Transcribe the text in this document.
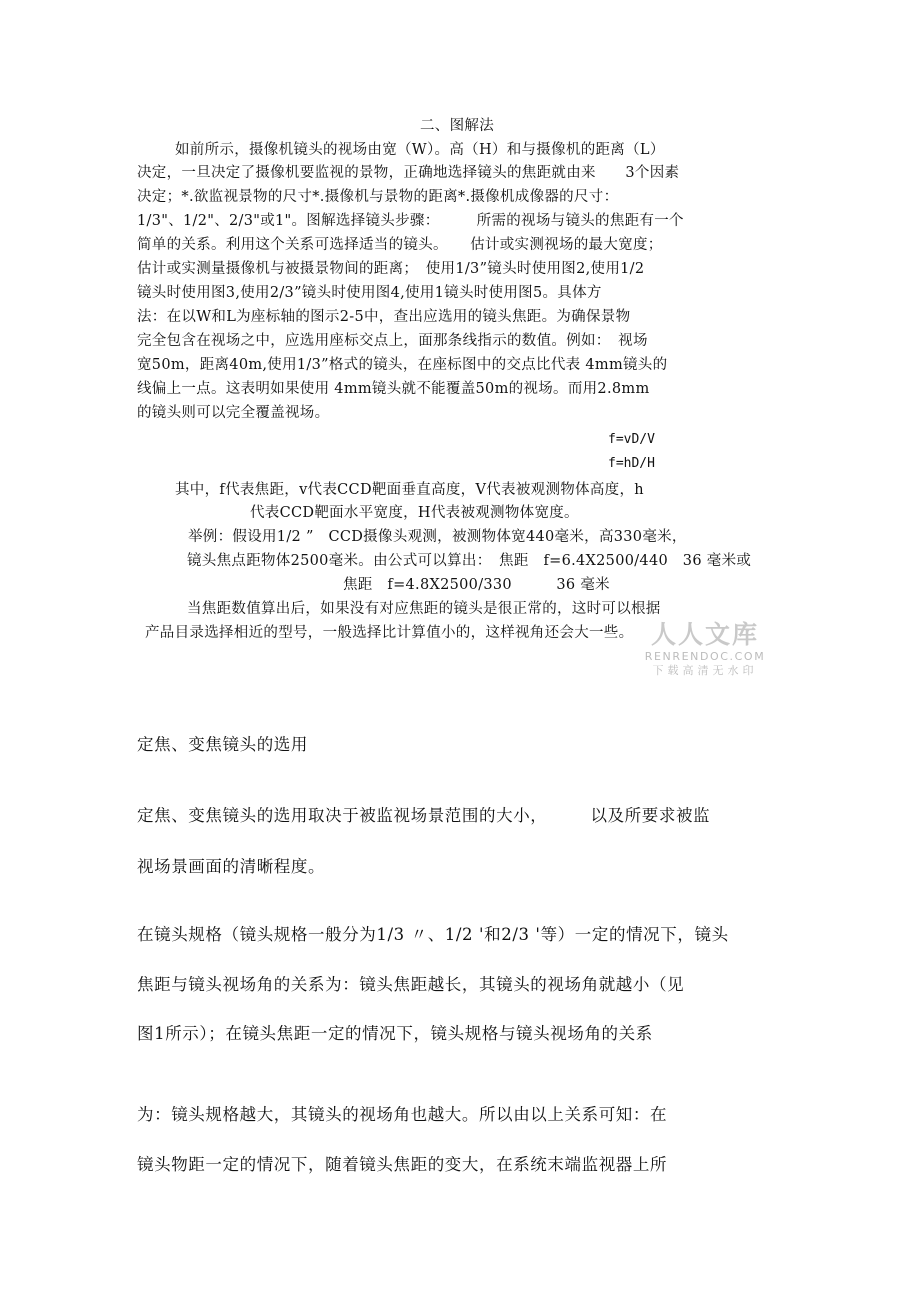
二、图解法
如前所示，摄像机镜头的视场由宽（W）。高（H）和与摄像机的距离（L）
决定，一旦决定了摄像机要监视的景物，正确地选择镜头的焦距就由来　　3个因素
决定；*.欲监视景物的尺寸*.摄像机与景物的距离*.摄像机成像器的尺寸：
1/3"、1/2"、2/3"或1"。图解选择镜头步骤：　　　所需的视场与镜头的焦距有一个
简单的关系。利用这个关系可选择适当的镜头。　　估计或实测视场的最大宽度；
估计或实测量摄像机与被摄景物间的距离；　使用1/3”镜头时使用图2,使用1/2
镜头时使用图3,使用2/3”镜头时使用图4,使用1镜头时使用图5。具体方
法：在以W和L为座标轴的图示2-5中，查出应选用的镜头焦距。为确保景物
完全包含在视场之中，应选用座标交点上，面那条线指示的数值。例如：　视场
宽50m，距离40m,使用1/3”格式的镜头，在座标图中的交点比代表 4mm镜头的
线偏上一点。这表明如果使用 4mm镜头就不能覆盖50m的视场。而用2.8mm
的镜头则可以完全覆盖视场。
f=vD/V
f=hD/H
其中，f代表焦距，v代表CCD靶面垂直高度，V代表被观测物体高度，h
代表CCD靶面水平宽度，H代表被观测物体宽度。
举例：假设用1/2 ”　CCD摄像头观测，被测物体宽440毫米，高330毫米，
镜头焦点距物体2500毫米。由公式可以算出：　焦距　f=6.4X2500/440　36 毫米或
焦距　f=4.8X2500/330　　　36 毫米
当焦距数值算出后，如果没有对应焦距的镜头是很正常的，这时可以根据
产品目录选择相近的型号，一般选择比计算值小的，这样视角还会大一些。 人人文库
RENRENDOC.COM
下载高清无水印
定焦、变焦镜头的选用
定焦、变焦镜头的选用取决于被监视场景范围的大小，　　　以及所要求被监
视场景画面的清晰程度。
在镜头规格（镜头规格一般分为1/3 〃、1/2 '和2/3 '等）一定的情况下，镜头
焦距与镜头视场角的关系为：镜头焦距越长，其镜头的视场角就越小（见
图1所示）；在镜头焦距一定的情况下，镜头规格与镜头视场角的关系
为：镜头规格越大，其镜头的视场角也越大。所以由以上关系可知：在
镜头物距一定的情况下，随着镜头焦距的变大，在系统末端监视器上所
